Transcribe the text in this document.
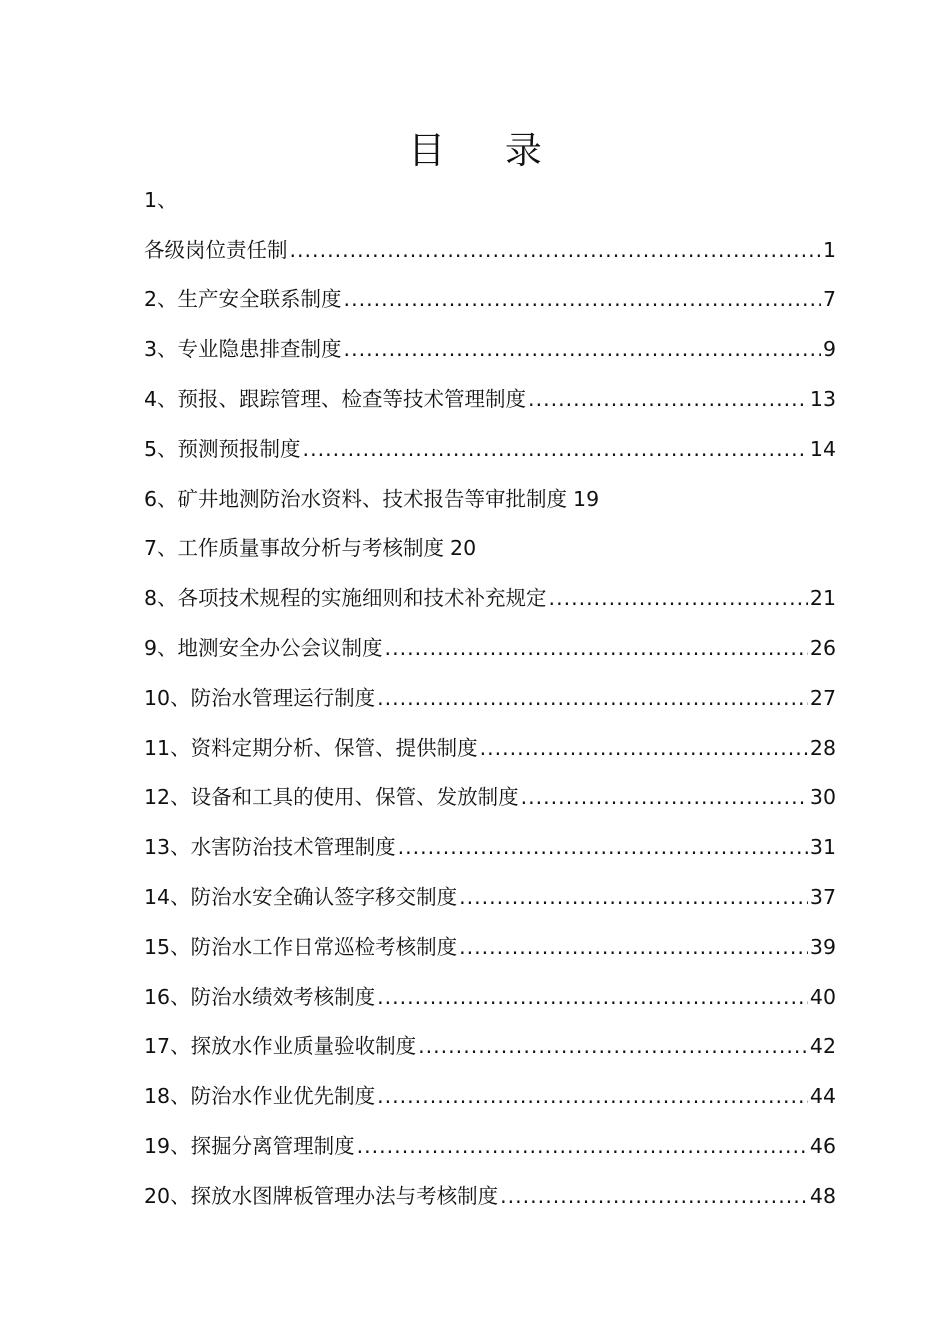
目 录
1、
各级岗位责任制 .....	1
2、生产安全联系制度 .....	7
3、专业隐患排查制度 .....	9
4、预报、跟踪管理、检查等技术管理制度 .....	13
5、预测预报制度 .....	14
6、矿井地测防治水资料、技术报告等审批制度 19
7、工作质量事故分析与考核制度 20
8、各项技术规程的实施细则和技术补充规定 .....	21
9、地测安全办公会议制度 .....	26
10、防治水管理运行制度 .....	27
11、资料定期分析、保管、提供制度 .....	28
12、设备和工具的使用、保管、发放制度 .....	30
13、水害防治技术管理制度 .....	31
14、防治水安全确认签字移交制度 .....	37
15、防治水工作日常巡检考核制度 .....	39
16、防治水绩效考核制度 .....	40
17、探放水作业质量验收制度 .....	42
18、防治水作业优先制度 .....	44
19、探掘分离管理制度 .....	46
20、探放水图牌板管理办法与考核制度 .....	48
